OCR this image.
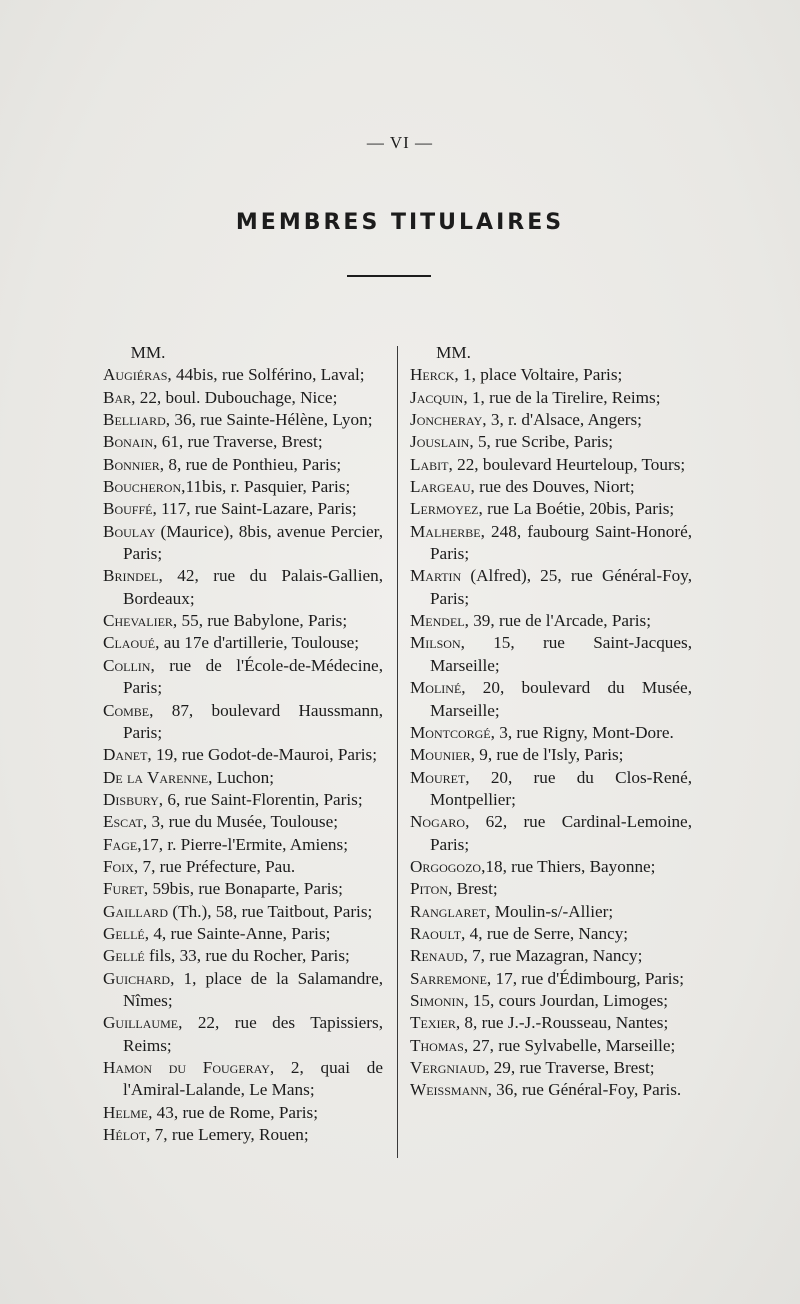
— VI —
MEMBRES TITULAIRES
MM.
Augiéras, 44bis, rue Solférino, Laval;
Bar, 22, boul. Dubouchage, Nice;
Belliard, 36, rue Sainte-Hélène, Lyon;
Bonain, 61, rue Traverse, Brest;
Bonnier, 8, rue de Ponthieu, Paris;
Boucheron,11bis, r. Pasquier, Paris;
Bouffé, 117, rue Saint-Lazare, Paris;
Boulay (Maurice), 8bis, avenue Percier, Paris;
Brindel, 42, rue du Palais-Gallien, Bordeaux;
Chevalier, 55, rue Babylone, Paris;
Claoué, au 17e d'artillerie, Toulouse;
Collin, rue de l'École-de-Médecine, Paris;
Combe, 87, boulevard Haussmann, Paris;
Danet, 19, rue Godot-de-Mauroi, Paris;
De la Varenne, Luchon;
Disbury, 6, rue Saint-Florentin, Paris;
Escat, 3, rue du Musée, Toulouse;
Fage,17, r. Pierre-l'Ermite, Amiens;
Foix, 7, rue Préfecture, Pau.
Furet, 59bis, rue Bonaparte, Paris;
Gaillard (Th.), 58, rue Taitbout, Paris;
Gellé, 4, rue Sainte-Anne, Paris;
Gellé fils, 33, rue du Rocher, Paris;
Guichard, 1, place de la Salamandre, Nîmes;
Guillaume, 22, rue des Tapissiers, Reims;
Hamon du Fougeray, 2, quai de l'Amiral-Lalande, Le Mans;
Helme, 43, rue de Rome, Paris;
Hélot, 7, rue Lemery, Rouen;
MM.
Herck, 1, place Voltaire, Paris;
Jacquin, 1, rue de la Tirelire, Reims;
Joncheray, 3, r. d'Alsace, Angers;
Jouslain, 5, rue Scribe, Paris;
Labit, 22, boulevard Heurteloup, Tours;
Largeau, rue des Douves, Niort;
Lermoyez, rue La Boétie, 20bis, Paris;
Malherbe, 248, faubourg Saint-Honoré, Paris;
Martin (Alfred), 25, rue Général-Foy, Paris;
Mendel, 39, rue de l'Arcade, Paris;
Milson, 15, rue Saint-Jacques, Marseille;
Moliné, 20, boulevard du Musée, Marseille;
Montcorgé, 3, rue Rigny, Mont-Dore.
Mounier, 9, rue de l'Isly, Paris;
Mouret, 20, rue du Clos-René, Montpellier;
Nogaro, 62, rue Cardinal-Lemoine, Paris;
Orgogozo,18, rue Thiers, Bayonne;
Piton, Brest;
Ranglaret, Moulin-s/-Allier;
Raoult, 4, rue de Serre, Nancy;
Renaud, 7, rue Mazagran, Nancy;
Sarremone, 17, rue d'Édimbourg, Paris;
Simonin, 15, cours Jourdan, Limoges;
Texier, 8, rue J.-J.-Rousseau, Nantes;
Thomas, 27, rue Sylvabelle, Marseille;
Vergniaud, 29, rue Traverse, Brest;
Weissmann, 36, rue Général-Foy, Paris.
